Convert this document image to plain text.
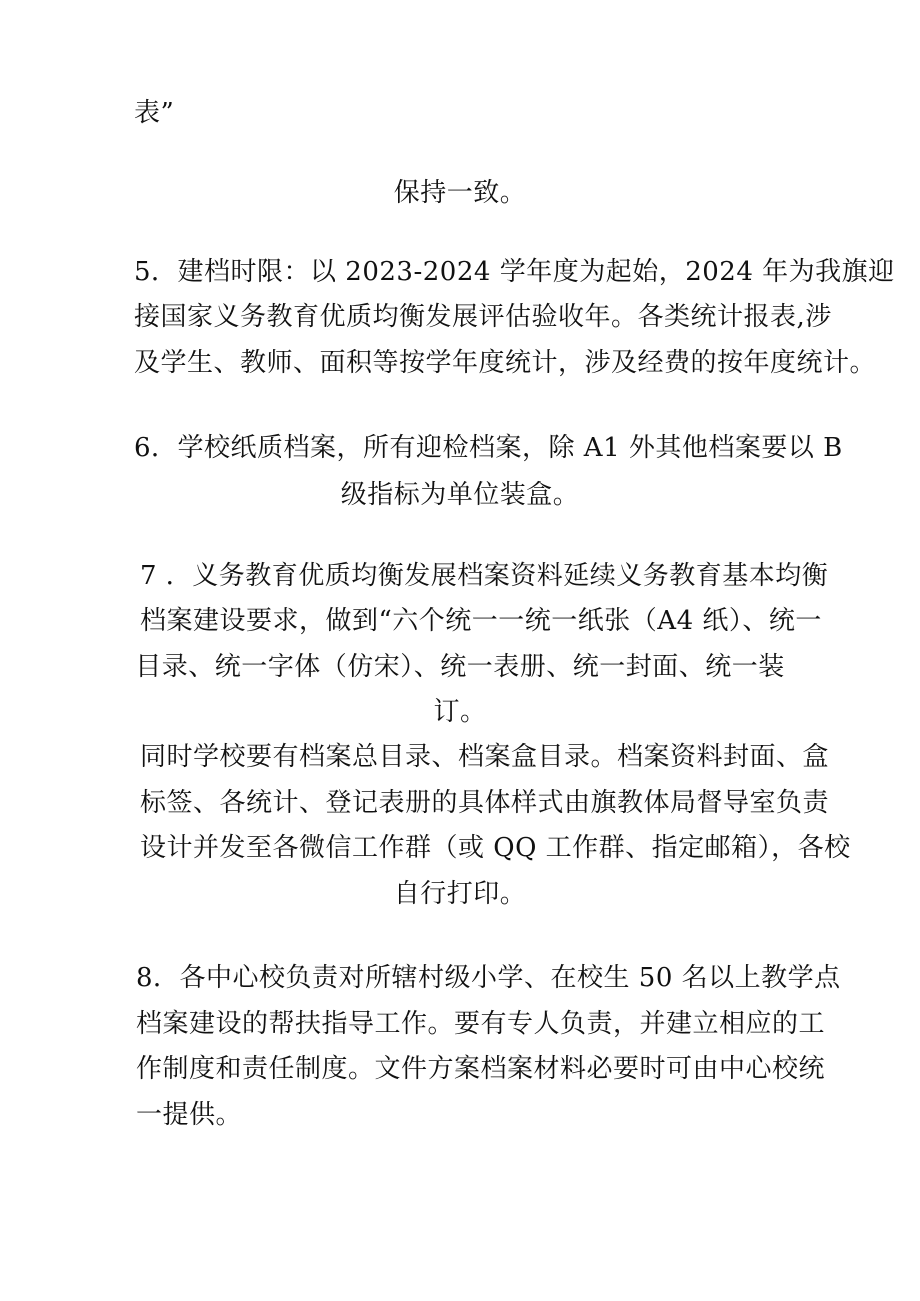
表”
保持一致。
5．建档时限：以 2023-2024 学年度为起始，2024 年为我旗迎
接国家义务教育优质均衡发展评估验收年。各类统计报表,涉
及学生、教师、面积等按学年度统计，涉及经费的按年度统计。
6．学校纸质档案，所有迎检档案，除 A1 外其他档案要以 B
级指标为单位装盒。
7 ．义务教育优质均衡发展档案资料延续义务教育基本均衡
档案建设要求，做到“六个统一一统一纸张（A4 纸）、统一
目录、统一字体（仿宋）、统一表册、统一封面、统一装
订。
同时学校要有档案总目录、档案盒目录。档案资料封面、盒
标签、各统计、登记表册的具体样式由旗教体局督导室负责
设计并发至各微信工作群（或 QQ 工作群、指定邮箱），各校
自行打印。
8．各中心校负责对所辖村级小学、在校生 50 名以上教学点
档案建设的帮扶指导工作。要有专人负责，并建立相应的工
作制度和责任制度。文件方案档案材料必要时可由中心校统
一提供。
